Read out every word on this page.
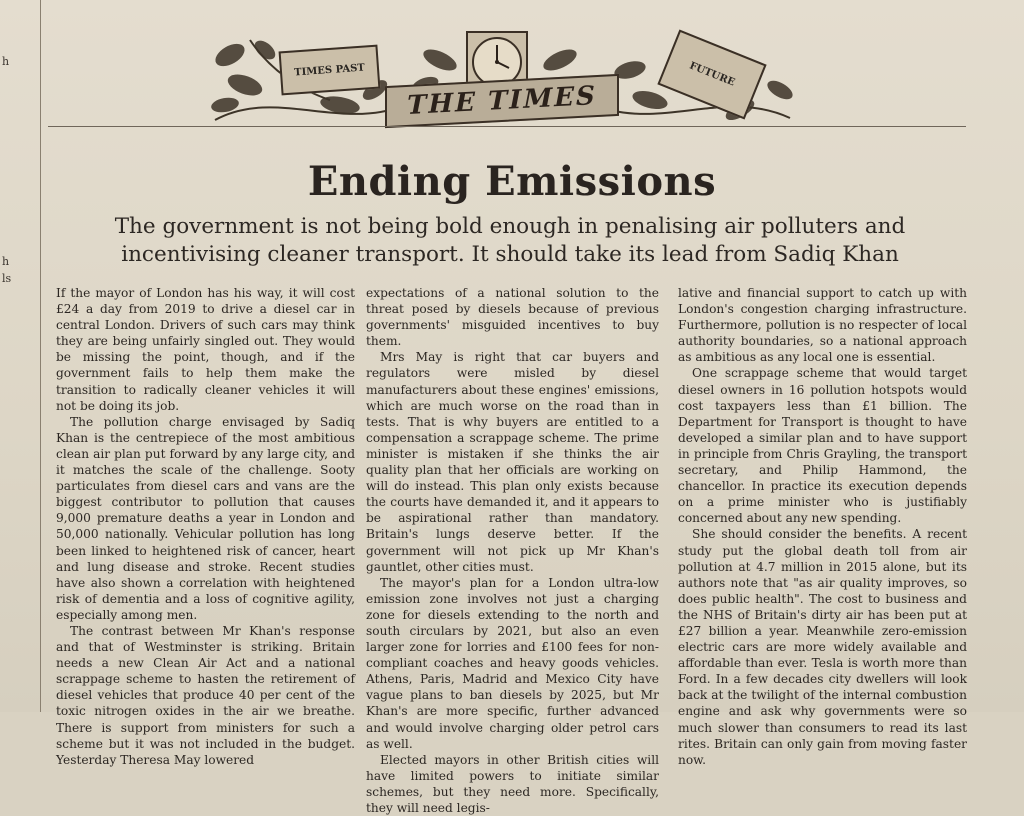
h
h
ls
TIMES PAST
THE TIMES
FUTURE
Ending Emissions
The government is not being bold enough in penalising air polluters and incentivising cleaner transport. It should take its lead from Sadiq Khan

If the mayor of London has his way, it will cost £24 a day from 2019 to drive a diesel car in central London. Drivers of such cars may think they are being unfairly singled out. They would be missing the point, though, and if the government fails to help them make the transition to radically cleaner vehicles it will not be doing its job.

The pollution charge envisaged by Sadiq Khan is the centrepiece of the most ambitious clean air plan put forward by any large city, and it matches the scale of the challenge. Sooty particulates from diesel cars and vans are the biggest contributor to pollution that causes 9,000 premature deaths a year in London and 50,000 nationally. Vehicular pollution has long been linked to heightened risk of cancer, heart and lung disease and stroke. Recent studies have also shown a correlation with heightened risk of dementia and a loss of cognitive agility, especially among men.

The contrast between Mr Khan's response and that of Westminster is striking. Britain needs a new Clean Air Act and a national scrappage scheme to hasten the retirement of diesel vehicles that produce 40 per cent of the toxic nitrogen oxides in the air we breathe. There is support from ministers for such a scheme but it was not included in the budget. Yesterday Theresa May lowered

expectations of a national solution to the threat posed by diesels because of previous governments' misguided incentives to buy them.

Mrs May is right that car buyers and regulators were misled by diesel manufacturers about these engines' emissions, which are much worse on the road than in tests. That is why buyers are entitled to a compensation a scrappage scheme. The prime minister is mistaken if she thinks the air quality plan that her officials are working on will do instead. This plan only exists because the courts have demanded it, and it appears to be aspirational rather than mandatory. Britain's lungs deserve better. If the government will not pick up Mr Khan's gauntlet, other cities must.

The mayor's plan for a London ultra-low emission zone involves not just a charging zone for diesels extending to the north and south circulars by 2021, but also an even larger zone for lorries and £100 fees for non-compliant coaches and heavy goods vehicles. Athens, Paris, Madrid and Mexico City have vague plans to ban diesels by 2025, but Mr Khan's are more specific, further advanced and would involve charging older petrol cars as well.

Elected mayors in other British cities will have limited powers to initiate similar schemes, but they need more. Specifically, they will need legis-

lative and financial support to catch up with London's congestion charging infrastructure. Furthermore, pollution is no respecter of local authority boundaries, so a national approach as ambitious as any local one is essential.

One scrappage scheme that would target diesel owners in 16 pollution hotspots would cost taxpayers less than £1 billion. The Department for Transport is thought to have developed a similar plan and to have support in principle from Chris Grayling, the transport secretary, and Philip Hammond, the chancellor. In practice its execution depends on a prime minister who is justifiably concerned about any new spending.

She should consider the benefits. A recent study put the global death toll from air pollution at 4.7 million in 2015 alone, but its authors note that "as air quality improves, so does public health". The cost to business and the NHS of Britain's dirty air has been put at £27 billion a year. Meanwhile zero-emission electric cars are more widely available and affordable than ever. Tesla is worth more than Ford. In a few decades city dwellers will look back at the twilight of the internal combustion engine and ask why governments were so much slower than consumers to read its last rites. Britain can only gain from moving faster now.
